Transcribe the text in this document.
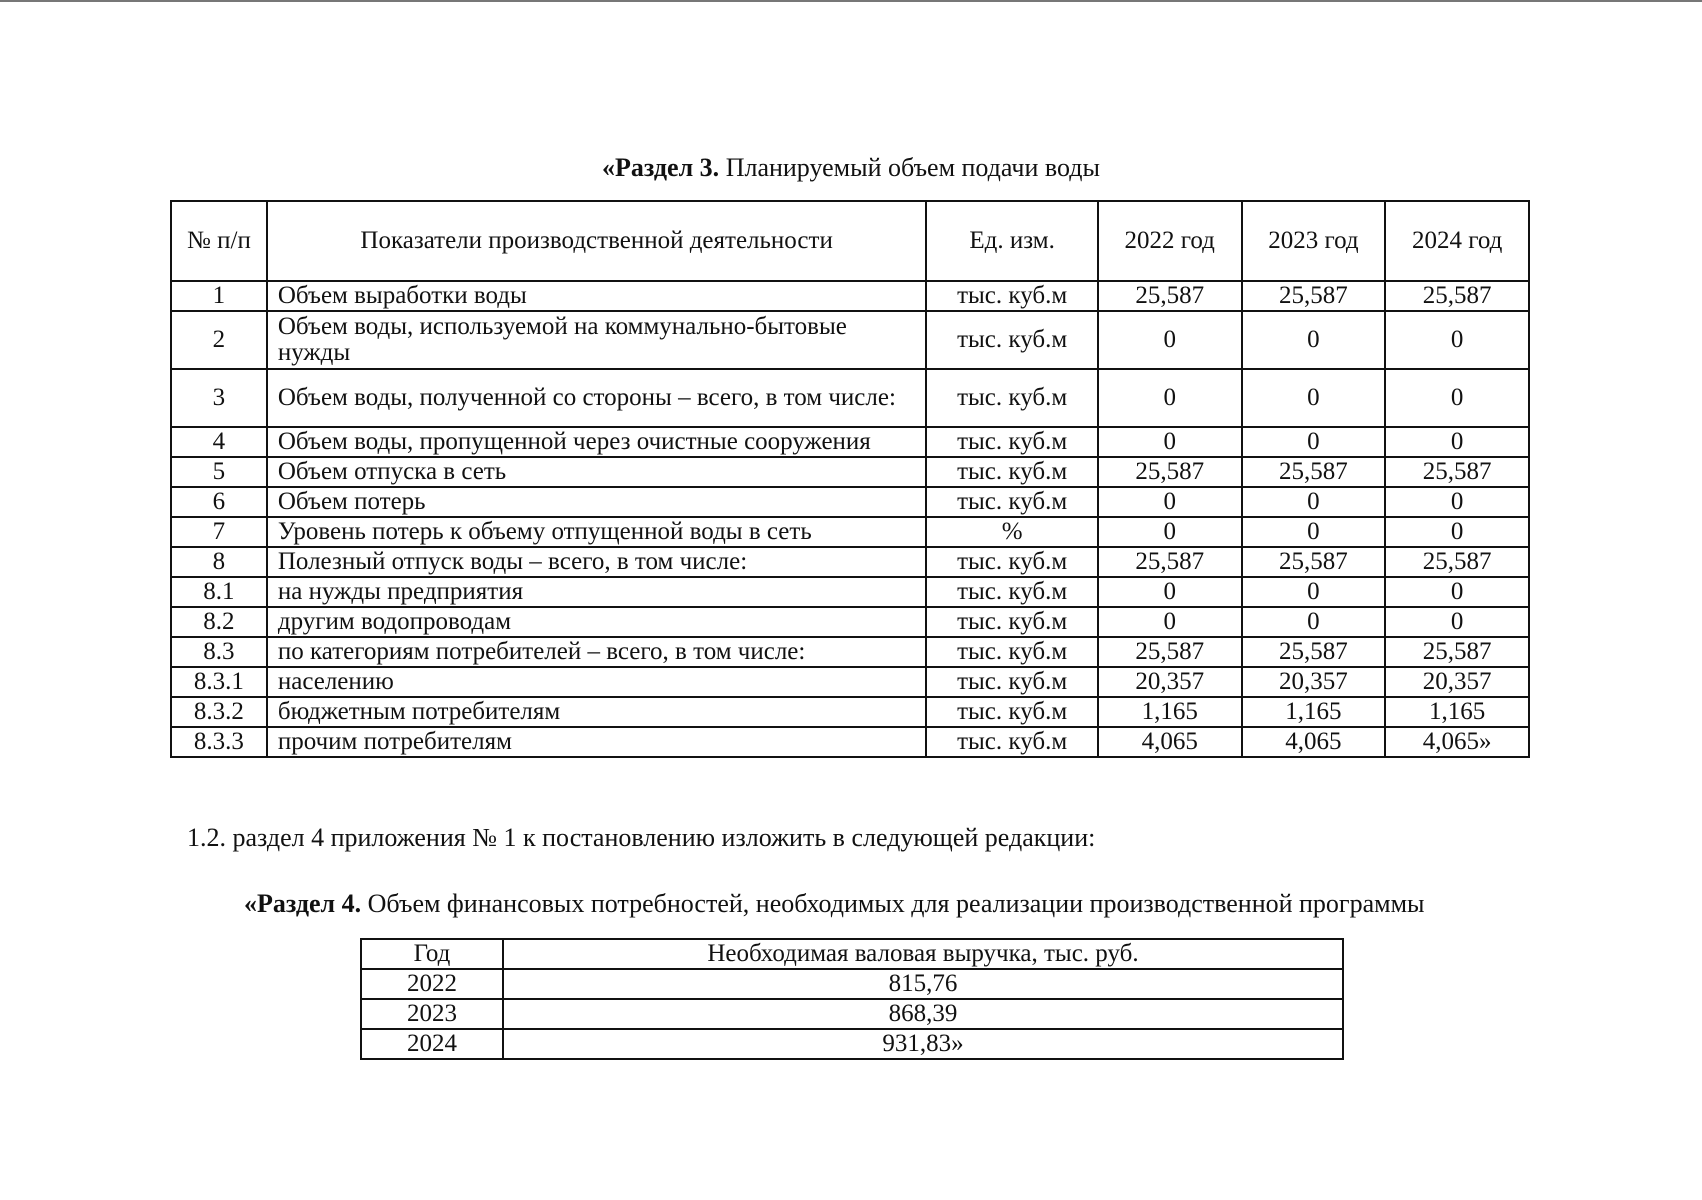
«Раздел 3. Планируемый объем подачи воды
№ п/п	Показатели производственной деятельности	Ед. изм.	2022 год	2023 год	2024 год
1	Объем выработки воды	тыс. куб.м	25,587	25,587	25,587
2	Объем воды, используемой на коммунально-бытовые нужды	тыс. куб.м	0	0	0
3	Объем воды, полученной со стороны – всего, в том числе:	тыс. куб.м	0	0	0
4	Объем воды, пропущенной через очистные сооружения	тыс. куб.м	0	0	0
5	Объем отпуска в сеть	тыс. куб.м	25,587	25,587	25,587
6	Объем потерь	тыс. куб.м	0	0	0
7	Уровень потерь к объему отпущенной воды в сеть	%	0	0	0
8	Полезный отпуск воды – всего, в том числе:	тыс. куб.м	25,587	25,587	25,587
8.1	на нужды предприятия	тыс. куб.м	0	0	0
8.2	другим водопроводам	тыс. куб.м	0	0	0
8.3	по категориям потребителей – всего, в том числе:	тыс. куб.м	25,587	25,587	25,587
8.3.1	населению	тыс. куб.м	20,357	20,357	20,357
8.3.2	бюджетным потребителям	тыс. куб.м	1,165	1,165	1,165
8.3.3	прочим потребителям	тыс. куб.м	4,065	4,065	4,065»
1.2. раздел 4 приложения № 1 к постановлению изложить в следующей редакции:
«Раздел 4. Объем финансовых потребностей, необходимых для реализации производственной программы
Год	Необходимая валовая выручка, тыс. руб.
2022	815,76
2023	868,39
2024	931,83»
